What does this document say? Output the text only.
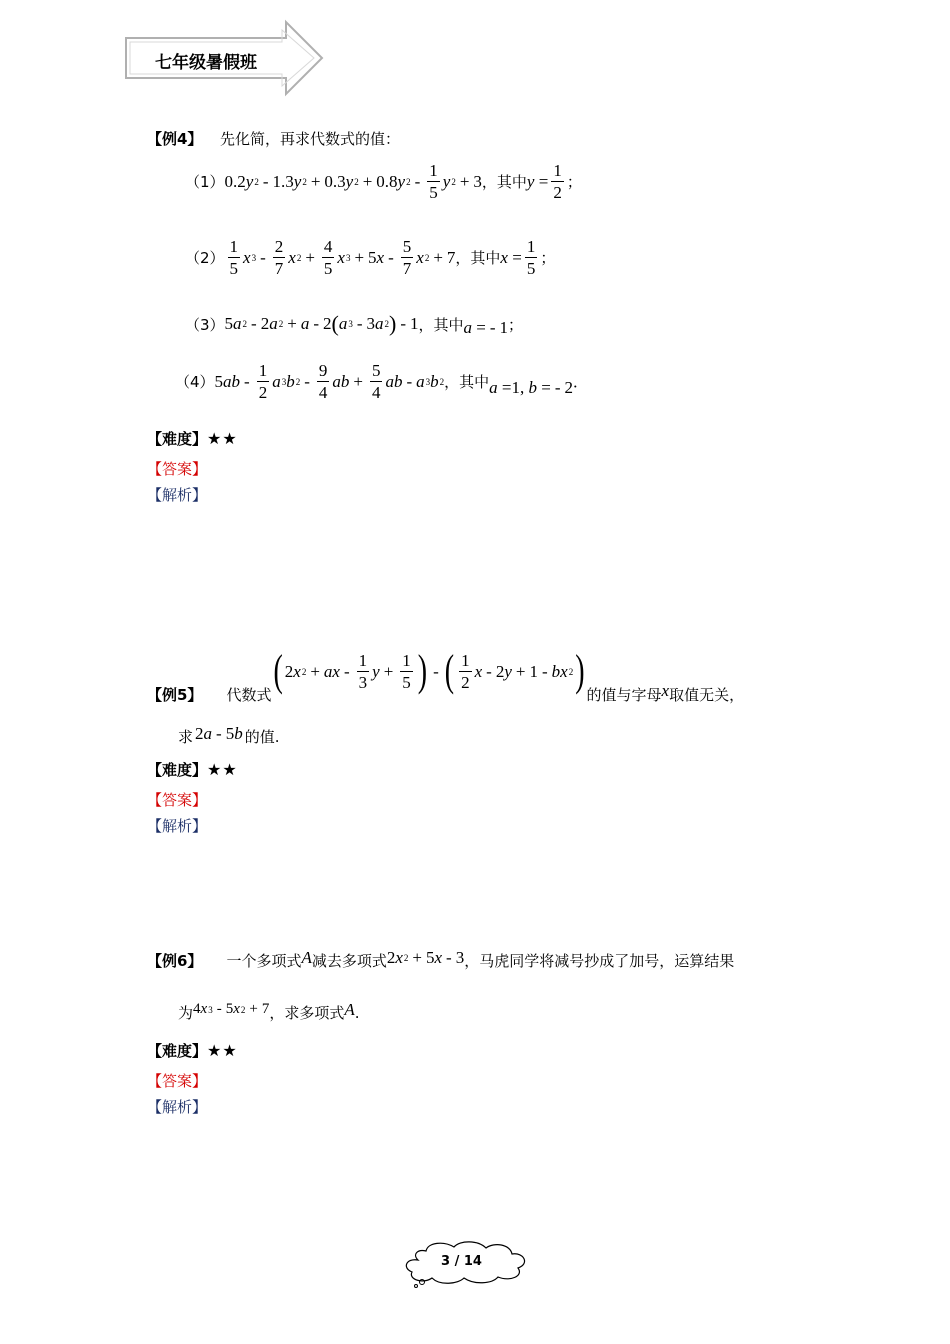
七年级暑假班
【例4】 先化简，再求代数式的值：
（1） 0.2 y 2 - 1.3 y 2 + 0.3 y 2 + 0.8 y $2 - \frac{1}{5}$ y 2 + 3 ，其中 $y = \frac{1}{2}$ ；
$(2) \frac{1}{5}$ x $3 - \frac{2}{7}$ x $2 + \frac{4}{5}$ x 3 + 5 x - $\frac{5}{7}$ x 2 + 7 ，其中 $x = \frac{1}{5}$ ；
（3） 5 a 2 - 2 a 2 + a - 2 ( a 3 - 3 a 2 ) - 1 ，其中 a = - 1 ；
（4） 5 ab - $\frac{1}{2}$ a 3 b $2 - \frac{9}{4}$ ab + $\frac{5}{4}$ ab - a 3 b 2 ，其中 a =1, b = - 2 ．
【难度】★★
【答案】
【解析】
【例5】 代数式 ( 2 x 2 + ax - $\frac{1}{3}$ $y + \frac{1}{5}$ ) - ( $\frac{1}{2}$ x - 2 y + 1 - bx 2 ) 的值与字母 x 取值无关，
求 2 a - 5 b 的值.
【难度】★★
【答案】
【解析】
【例6】 一个多项式 A 减去多项式 2 x 2 + 5 x - 3 ，马虎同学将减号抄成了加号，运算结果
为 4 x 3 - 5 x 2 + 7 ，求多项式 A .
【难度】★★
【答案】
【解析】
3 / 14
